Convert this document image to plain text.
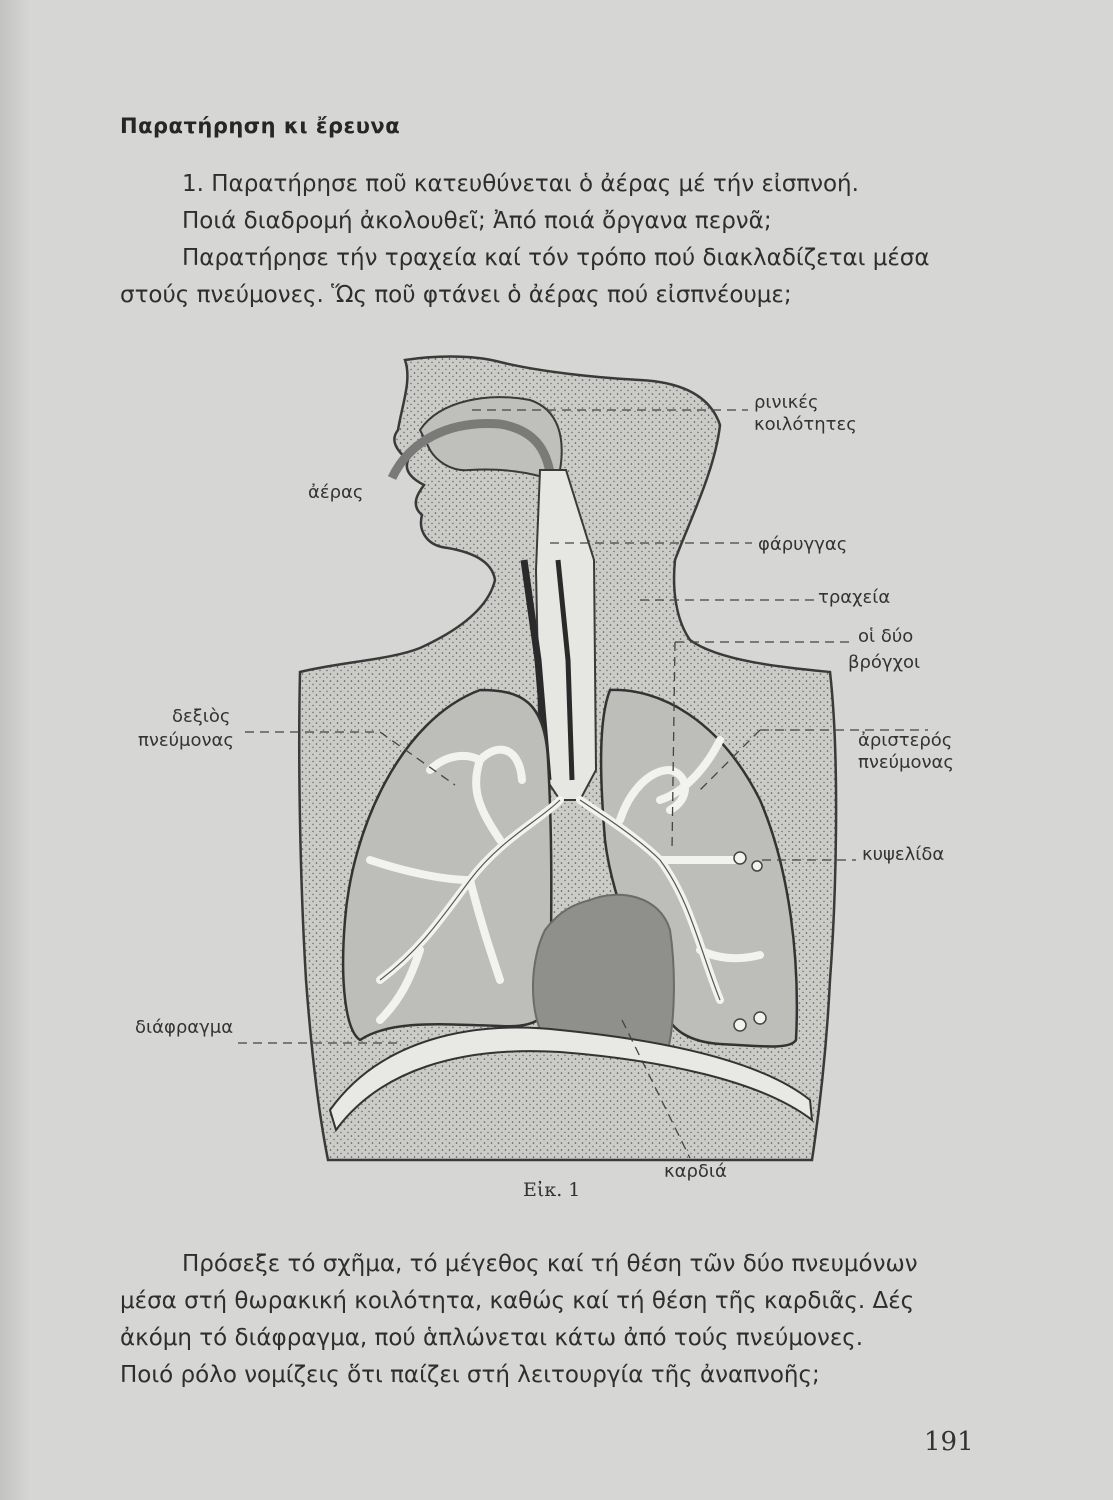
Παρατήρηση κι ἔρευνα
1. Παρατήρησε ποῦ κατευθύνεται ὁ ἀέρας μέ τήν εἰσπνοή.
Ποιά διαδρομή ἀκολουθεῖ; Ἀπό ποιά ὄργανα περνᾶ;
Παρατήρησε τήν τραχεία καί τόν τρόπο πού διακλαδίζεται μέσα
στούς πνεύμονες. Ὥς ποῦ φτάνει ὁ ἀέρας πού εἰσπνέουμε;
ἀέρας
ρινικές
κοιλότητες
φάρυγγας
τραχεία
οἱ δύο
βρόγχοι
δεξιὸς
πνεύμονας	ἀριστερός
πνεύμονας
κυψελίδα
διάφραγμα
καρδιά
Εἰκ. 1
Πρόσεξε τό σχῆμα, τό μέγεθος καί τή θέση τῶν δύο πνευμόνων
μέσα στή θωρακική κοιλότητα, καθώς καί τή θέση τῆς καρδιᾶς. Δές
ἀκόμη τό διάφραγμα, πού ἁπλώνεται κάτω ἀπό τούς πνεύμονες.
Ποιό ρόλο νομίζεις ὅτι παίζει στή λειτουργία τῆς ἀναπνοῆς;
191
